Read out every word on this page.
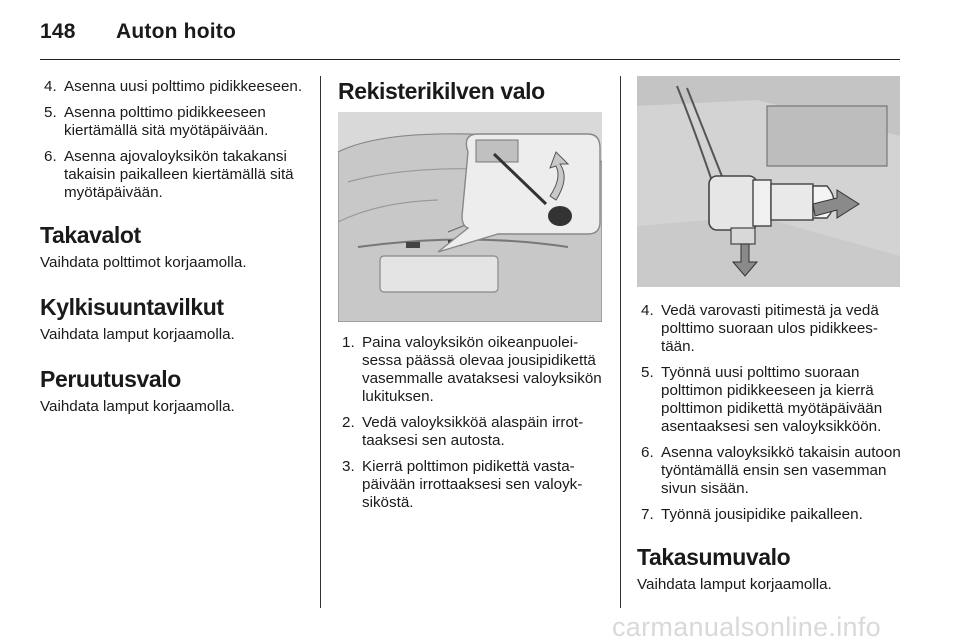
148 Auton hoito
4. Asenna uusi polttimo pidikkeeseen.
5. Asenna polttimo pidikkeeseen kiertämällä sitä myötäpäivään.
6. Asenna ajovaloyksikön takakansi takaisin paikalleen kiertämällä sitä myötäpäivään.
Takavalot

Vaihdata polttimot korjaamolla.

Kylkisuuntavilkut

Vaihdata lamput korjaamolla.

Peruutusvalo

Vaihdata lamput korjaamolla.

Rekisterikilven valo
1. Paina valoyksikön oikeanpuoleisessa päässä olevaa jousipidikettä vasemmalle avataksesi valoyksikön lukituksen.
2. Vedä valoyksikköä alaspäin irrottaaksesi sen autosta.
3. Kierrä polttimon pidikettä vastapäivään irrottaaksesi sen valoyksiköstä.
4. Vedä varovasti pitimestä ja vedä polttimo suoraan ulos pidikkeestään.
5. Työnnä uusi polttimo suoraan polttimon pidikkeeseen ja kierrä polttimon pidikettä myötäpäivään asentaaksesi sen valoyksikköön.
6. Asenna valoyksikkö takaisin autoon työntämällä ensin sen vasemman sivun sisään.
7. Työnnä jousipidike paikalleen.
Takasumuvalo

Vaihdata lamput korjaamolla.

carmanualsonline.info
